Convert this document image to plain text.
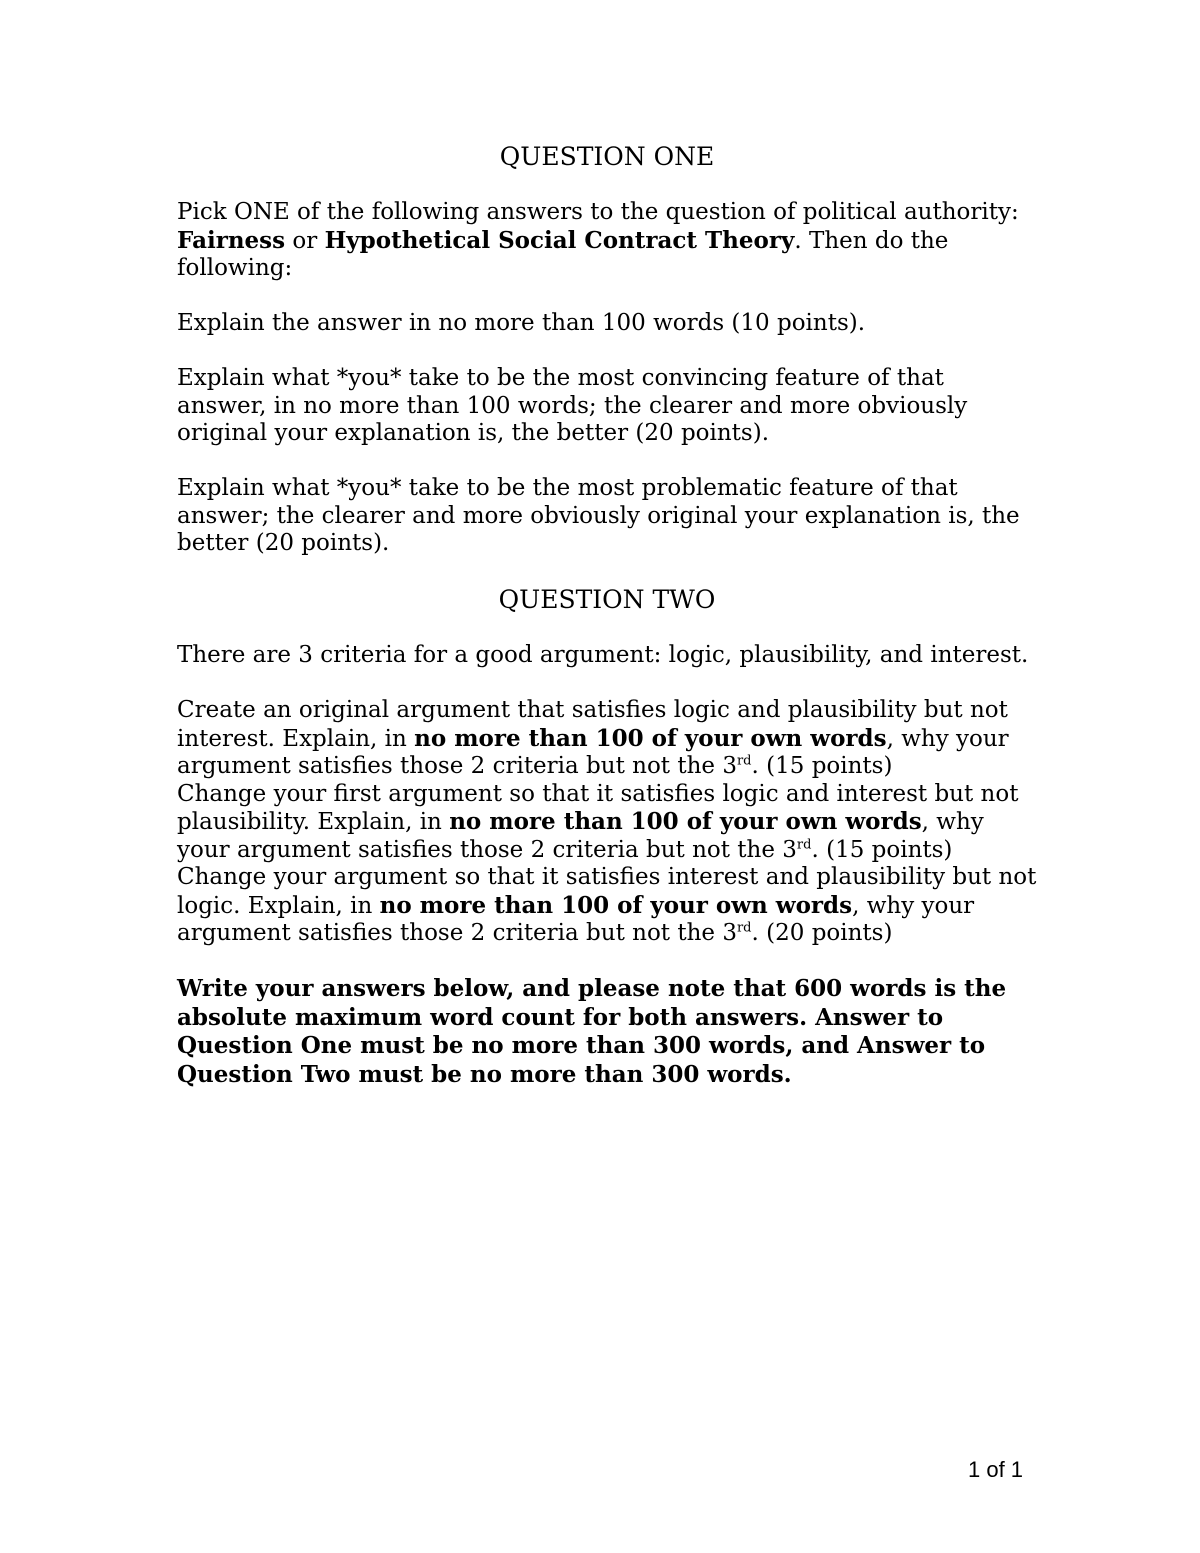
QUESTION ONE

Pick ONE of the following answers to the question of political authority: Fairness or Hypothetical Social Contract Theory. Then do the following:

Explain the answer in no more than 100 words (10 points).

Explain what *you* take to be the most convincing feature of that answer, in no more than 100 words; the clearer and more obviously original your explanation is, the better (20 points).

Explain what *you* take to be the most problematic feature of that answer; the clearer and more obviously original your explanation is, the better (20 points).

QUESTION TWO

There are 3 criteria for a good argument: logic, plausibility, and interest.

Create an original argument that satisfies logic and plausibility but not interest. Explain, in no more than 100 of your own words, why your argument satisfies those 2 criteria but not the 3rd. (15 points)

Change your first argument so that it satisfies logic and interest but not plausibility. Explain, in no more than 100 of your own words, why your argument satisfies those 2 criteria but not the 3rd. (15 points)

Change your argument so that it satisfies interest and plausibility but not logic. Explain, in no more than 100 of your own words, why your argument satisfies those 2 criteria but not the 3rd. (20 points)

Write your answers below, and please note that 600 words is the absolute maximum word count for both answers. Answer to Question One must be no more than 300 words, and Answer to Question Two must be no more than 300 words.

1 of 1
